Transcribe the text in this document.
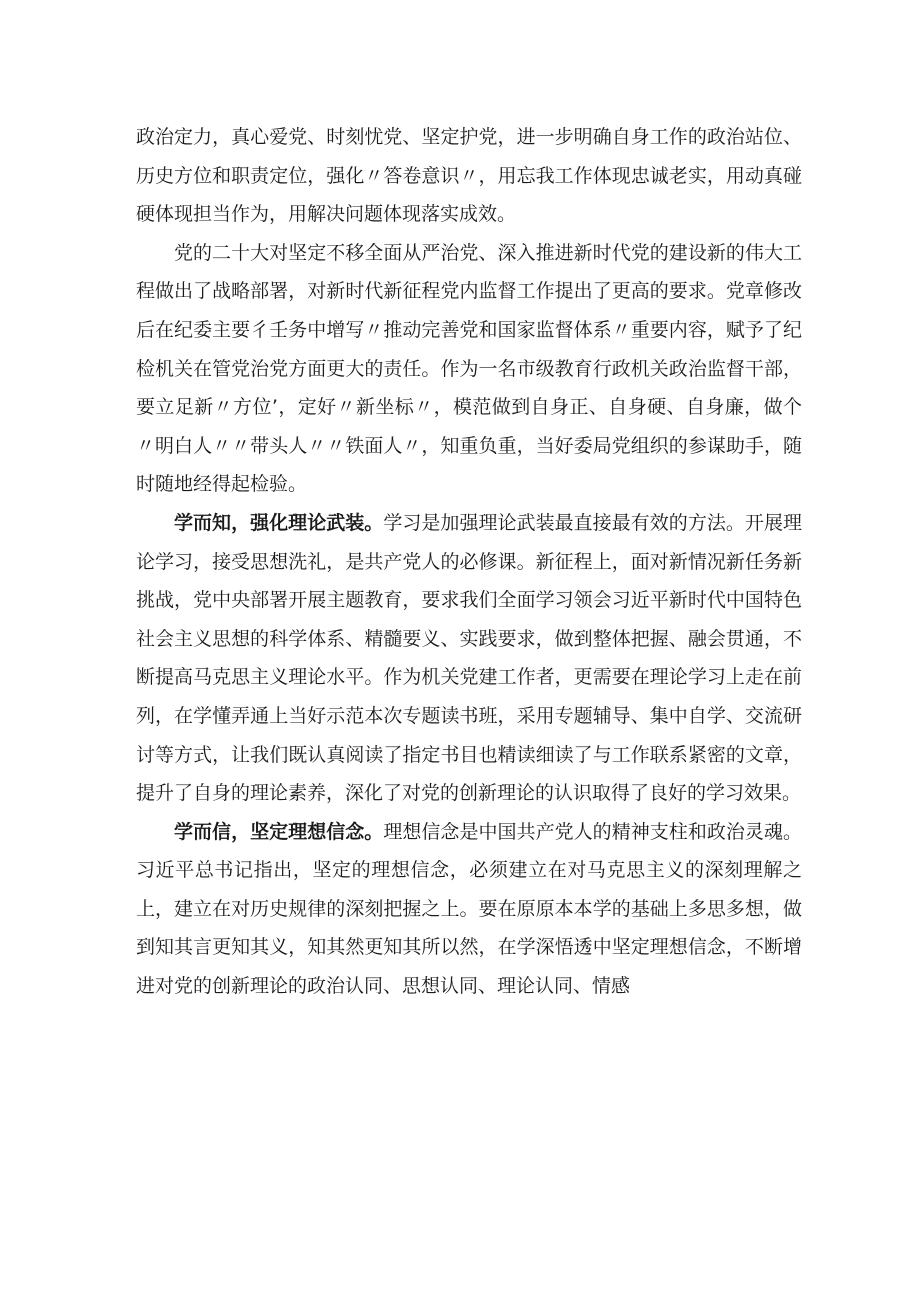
政治定力，真心爱党、时刻忧党、坚定护党，进一步明确自身工作的政治站位、历史方位和职责定位，强化〃答卷意识〃，用忘我工作体现忠诚老实，用动真碰硬体现担当作为，用解决问题体现落实成效。

党的二十大对坚定不移全面从严治党、深入推进新时代党的建设新的伟大工程做出了战略部署，对新时代新征程党内监督工作提出了更高的要求。党章修改后在纪委主要彳壬务中增写〃推动完善党和国家监督体系〃重要内容，赋予了纪检机关在管党治党方面更大的责任。作为一名市级教育行政机关政治监督干部，要立足新〃方位’，定好〃新坐标〃，模范做到自身正、自身硬、自身廉，做个〃明白人〃〃带头人〃〃铁面人〃，知重负重，当好委局党组织的参谋助手，随时随地经得起检验。

学而知，强化理论武装。学习是加强理论武装最直接最有效的方法。开展理论学习，接受思想洗礼，是共产党人的必修课。新征程上，面对新情况新任务新挑战，党中央部署开展主题教育，要求我们全面学习领会习近平新时代中国特色社会主义思想的科学体系、精髓要义、实践要求，做到整体把握、融会贯通，不断提高马克思主义理论水平。作为机关党建工作者，更需要在理论学习上走在前列，在学懂弄通上当好示范本次专题读书班，采用专题辅导、集中自学、交流研讨等方式，让我们既认真阅读了指定书目也精读细读了与工作联系紧密的文章，提升了自身的理论素养，深化了对党的创新理论的认识取得了良好的学习效果。

学而信，坚定理想信念。理想信念是中国共产党人的精神支柱和政治灵魂。习近平总书记指出，坚定的理想信念，必须建立在对马克思主义的深刻理解之上，建立在对历史规律的深刻把握之上。要在原原本本学的基础上多思多想，做到知其言更知其义，知其然更知其所以然，在学深悟透中坚定理想信念，不断增进对党的创新理论的政治认同、思想认同、理论认同、情感
